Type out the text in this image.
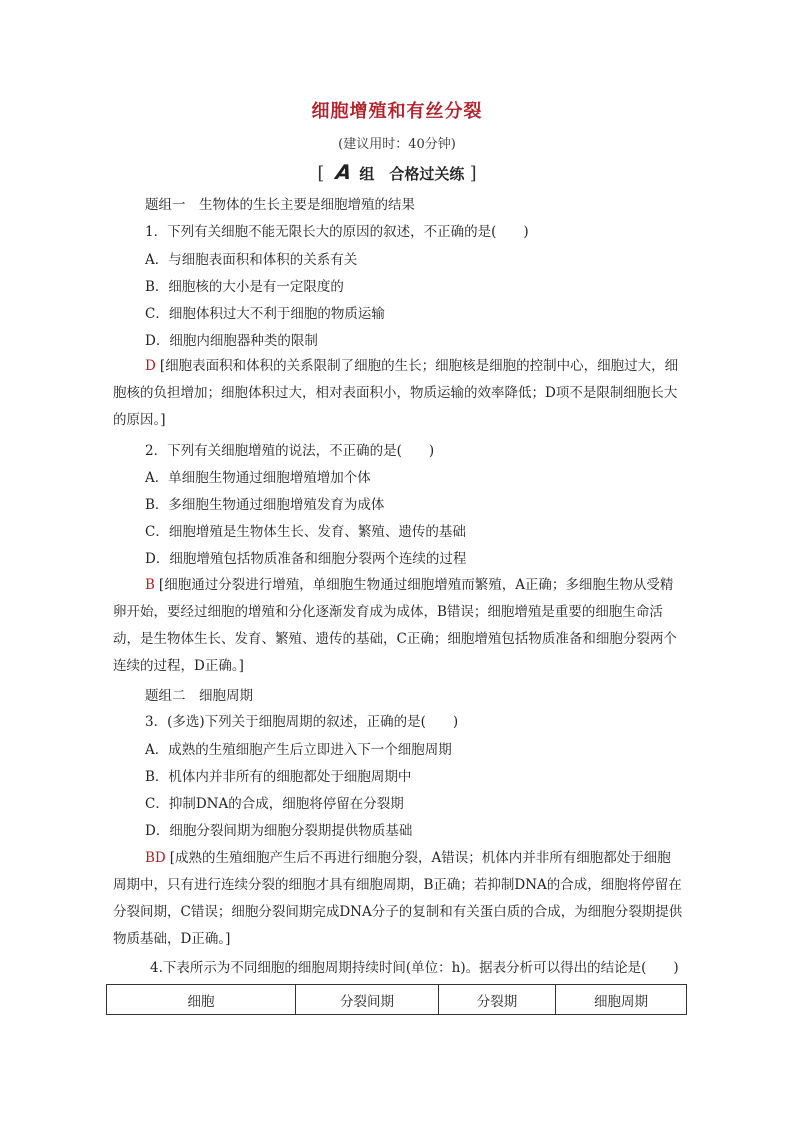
细胞增殖和有丝分裂
(建议用时：40分钟)
[ A 组　合格过关练 ]
题组一　生物体的生长主要是细胞增殖的结果
1．下列有关细胞不能无限长大的原因的叙述，不正确的是(　　)
A．与细胞表面积和体积的关系有关
B．细胞核的大小是有一定限度的
C．细胞体积过大不利于细胞的物质运输
D．细胞内细胞器种类的限制
D [细胞表面积和体积的关系限制了细胞的生长；细胞核是细胞的控制中心，细胞过大，细胞核的负担增加；细胞体积过大，相对表面积小，物质运输的效率降低；D项不是限制细胞长大的原因。]
2．下列有关细胞增殖的说法，不正确的是(　　)
A．单细胞生物通过细胞增殖增加个体
B．多细胞生物通过细胞增殖发育为成体
C．细胞增殖是生物体生长、发育、繁殖、遗传的基础
D．细胞增殖包括物质准备和细胞分裂两个连续的过程
B [细胞通过分裂进行增殖，单细胞生物通过细胞增殖而繁殖，A正确；多细胞生物从受精卵开始，要经过细胞的增殖和分化逐渐发育成为成体，B错误；细胞增殖是重要的细胞生命活动，是生物体生长、发育、繁殖、遗传的基础，C正确；细胞增殖包括物质准备和细胞分裂两个连续的过程，D正确。]
题组二　细胞周期
3．(多选)下列关于细胞周期的叙述，正确的是(　　)
A．成熟的生殖细胞产生后立即进入下一个细胞周期
B．机体内并非所有的细胞都处于细胞周期中
C．抑制DNA的合成，细胞将停留在分裂期
D．细胞分裂间期为细胞分裂期提供物质基础
BD [成熟的生殖细胞产生后不再进行细胞分裂，A错误；机体内并非所有细胞都处于细胞周期中，只有进行连续分裂的细胞才具有细胞周期，B正确；若抑制DNA的合成，细胞将停留在分裂间期，C错误；细胞分裂间期完成DNA分子的复制和有关蛋白质的合成，为细胞分裂期提供物质基础，D正确。]
4.下表所示为不同细胞的细胞周期持续时间(单位：h)。据表分析可以得出的结论是(　　)
细胞	分裂间期	分裂期	细胞周期
